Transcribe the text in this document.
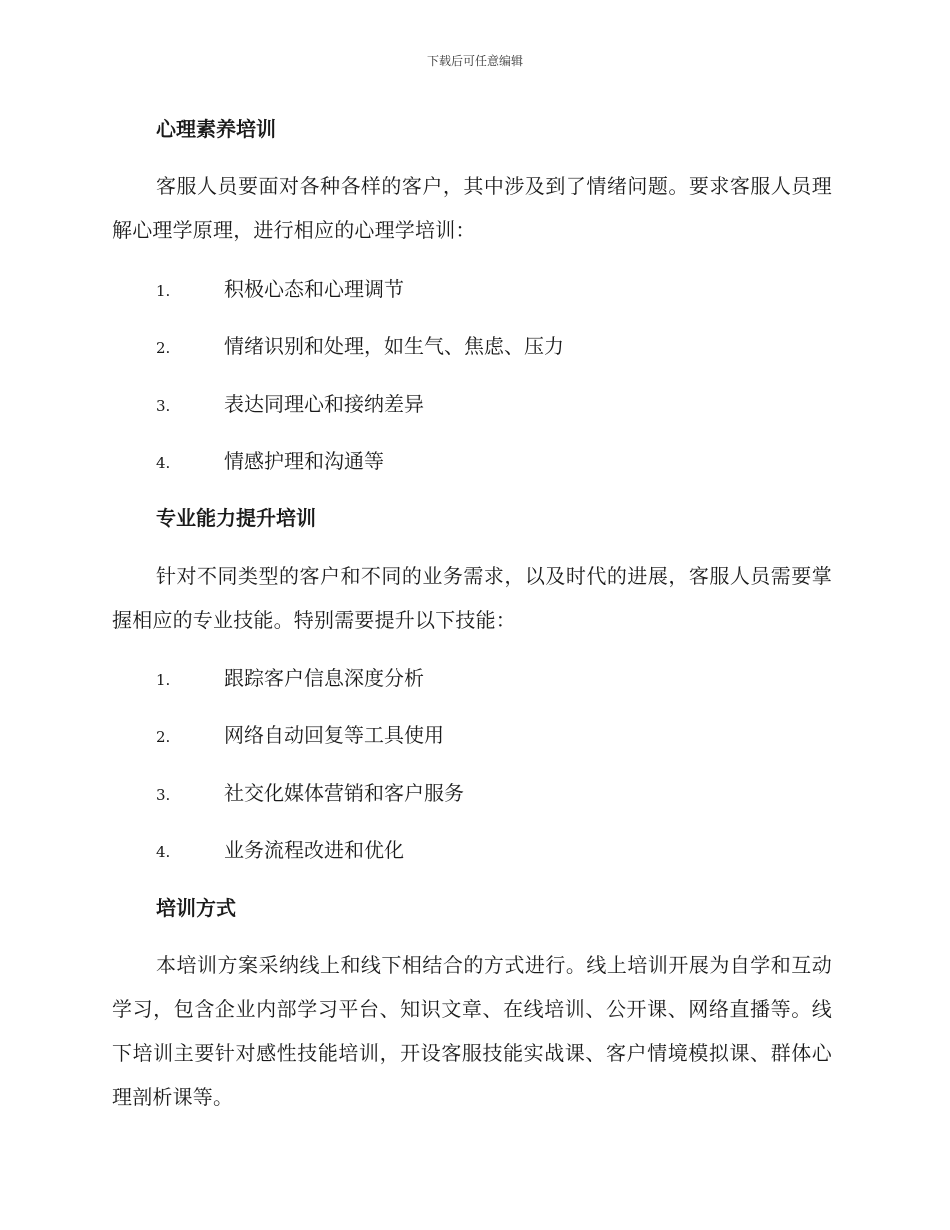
下载后可任意编辑
心理素养培训
客服人员要面对各种各样的客户，其中涉及到了情绪问题。要求客服人员理解心理学原理，进行相应的心理学培训：
1.	积极心态和心理调节
2.	情绪识别和处理，如生气、焦虑、压力
3.	表达同理心和接纳差异
4.	情感护理和沟通等
专业能力提升培训
针对不同类型的客户和不同的业务需求，以及时代的进展，客服人员需要掌握相应的专业技能。特别需要提升以下技能：
1.	跟踪客户信息深度分析
2.	网络自动回复等工具使用
3.	社交化媒体营销和客户服务
4.	业务流程改进和优化
培训方式
本培训方案采纳线上和线下相结合的方式进行。线上培训开展为自学和互动学习，包含企业内部学习平台、知识文章、在线培训、公开课、网络直播等。线下培训主要针对感性技能培训，开设客服技能实战课、客户情境模拟课、群体心理剖析课等。
